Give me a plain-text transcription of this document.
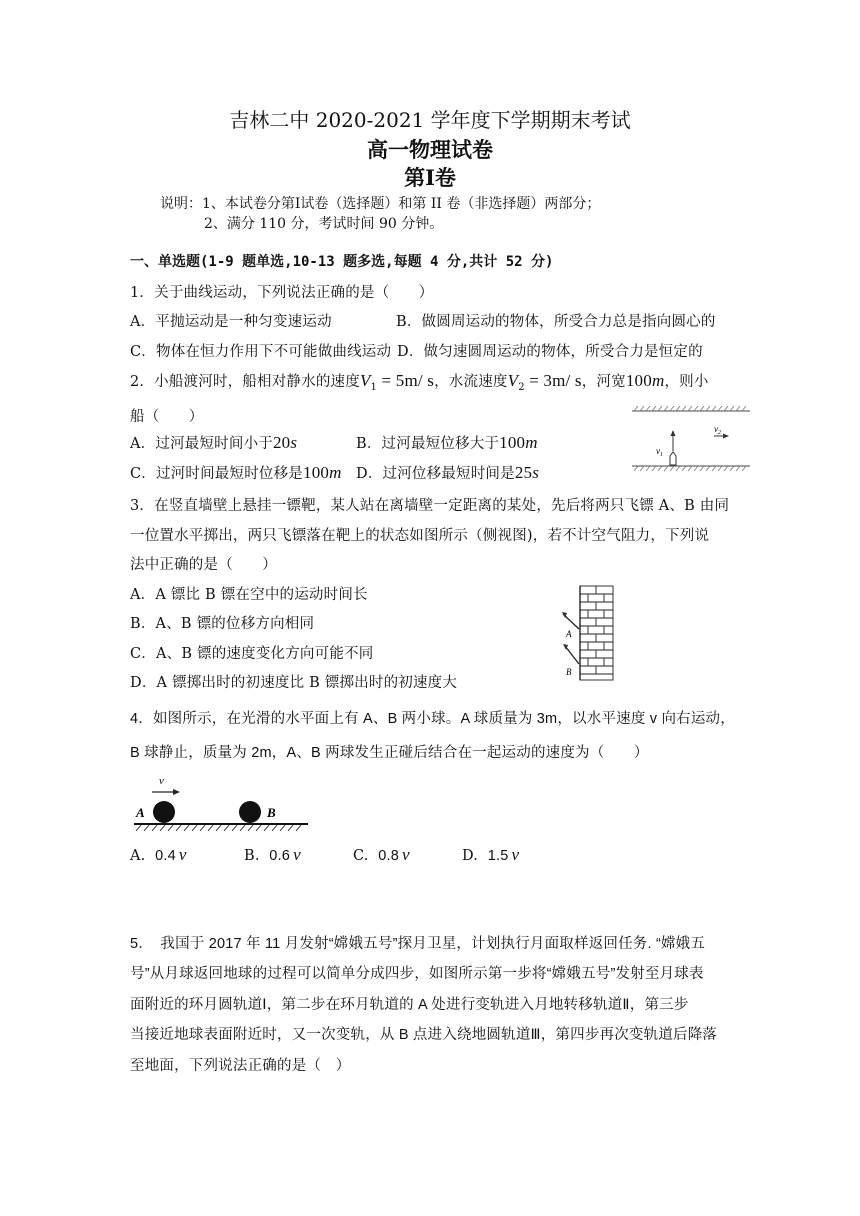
吉林二中 2020-2021 学年度下学期期末考试
高一物理试卷
第Ⅰ卷
说明：1、本试卷分第Ⅰ试卷（选择题）和第 II 卷（非选择题）两部分；
2、满分 110 分，考试时间 90 分钟。
一、单选题(1-9 题单选,10-13 题多选,每题 4 分,共计 52 分)
1．关于曲线运动，下列说法正确的是（　　）
A．平抛运动是一种匀变速运动	B．做圆周运动的物体，所受合力总是指向圆心的
C．物体在恒力作用下不可能做曲线运动 D．做匀速圆周运动的物体，所受合力是恒定的
2．小船渡河时，船相对静水的速度$V_1 = 5m/$ s，水流速度$V_2 = 3m/$ s，河宽100m，则小
船（　　）
A．过河最短时间小于20s	B．过河最短位移大于100m
C．过河时间最短时位移是100m D．过河位移最短时间是25s
$v_1$
$v_2$
3．在竖直墙壁上悬挂一镖靶，某人站在离墙壁一定距离的某处，先后将两只飞镖 A、B 由同
一位置水平掷出，两只飞镖落在靶上的状态如图所示（侧视图)，若不计空气阻力，下列说
法中正确的是（　　）
A．A 镖比 B 镖在空中的运动时间长
B．A、B 镖的位移方向相同
C．A、B 镖的速度变化方向可能不同
D．A 镖掷出时的初速度比 B 镖掷出时的初速度大
A
B
4．如图所示，在光滑的水平面上有 A、B 两小球。A 球质量为 3m，以水平速度 v 向右运动，
B 球静止，质量为 2m，A、B 两球发生正碰后结合在一起运动的速度为（　　）
v
A	B
A. 0.4 v	B. 0.6 v	C. 0.8 v	D. 1.5 v
5．　我国于 2017 年 11 月发射“嫦娥五号”探月卫星，计划执行月面取样返回任务. “嫦娥五
号”从月球返回地球的过程可以简单分成四步，如图所示第一步将“嫦娥五号”发射至月球表
面附近的环月圆轨道Ⅰ，第二步在环月轨道的 A 处进行变轨进入月地转移轨道Ⅱ，第三步
当接近地球表面附近时，又一次变轨，从 B 点进入绕地圆轨道Ⅲ，第四步再次变轨道后降落
至地面，下列说法正确的是（　）
